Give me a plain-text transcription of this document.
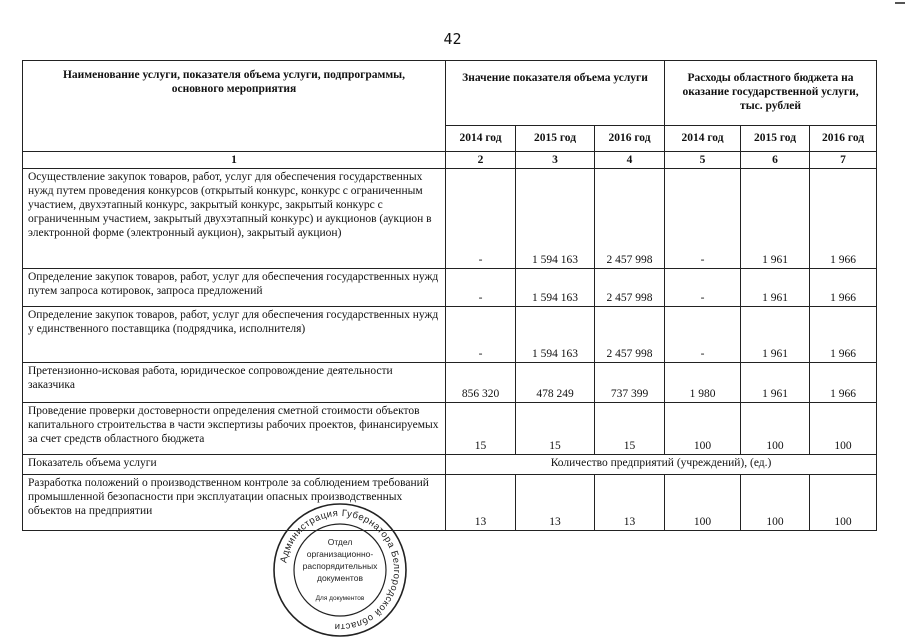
42
Наименование услуги, показателя объема услуги, подпрограммы, основного мероприятия	Значение показателя объема услуги			Расходы областного бюджета на оказание государственной услуги, тыс. рублей		
	2014 год	2015 год	2016 год	2014 год	2015 год	2016 год
1	2	3	4	5	6	7
Осуществление закупок товаров, работ, услуг для обеспечения государственных нужд путем проведения конкурсов (открытый конкурс, конкурс с ограниченным участием, двухэтапный конкурс, закрытый конкурс, закрытый конкурс с ограниченным участием, закрытый двухэтапный конкурс) и аукционов (аукцион в электронной форме (электронный аукцион), закрытый аукцион)	-	1 594 163	2 457 998	-	1 961	1 966
Определение закупок товаров, работ, услуг для обеспечения государственных нужд путем запроса котировок, запроса предложений	-	1 594 163	2 457 998	-	1 961	1 966
Определение закупок товаров, работ, услуг для обеспечения государственных нужд у единственного поставщика (подрядчика, исполнителя)	-	1 594 163	2 457 998	-	1 961	1 966
Претензионно-исковая работа, юридическое сопровождение деятельности заказчика	856 320	478 249	737 399	1 980	1 961	1 966
Проведение проверки достоверности определения сметной стоимости объектов капитального строительства в части экспертизы рабочих проектов, финансируемых за счет средств областного бюджета	15	15	15	100	100	100
Показатель объема услуги	Количество предприятий (учреждений), (ед.)					
Разработка положений о производственном контроле за соблюдением требований промышленной безопасности при эксплуатации опасных производственных объектов на предприятии	13	13	13	100	100	100
Администрация Губернатора Белгородской области
Отдел
организационно-
распорядительных
документов
Для документов
